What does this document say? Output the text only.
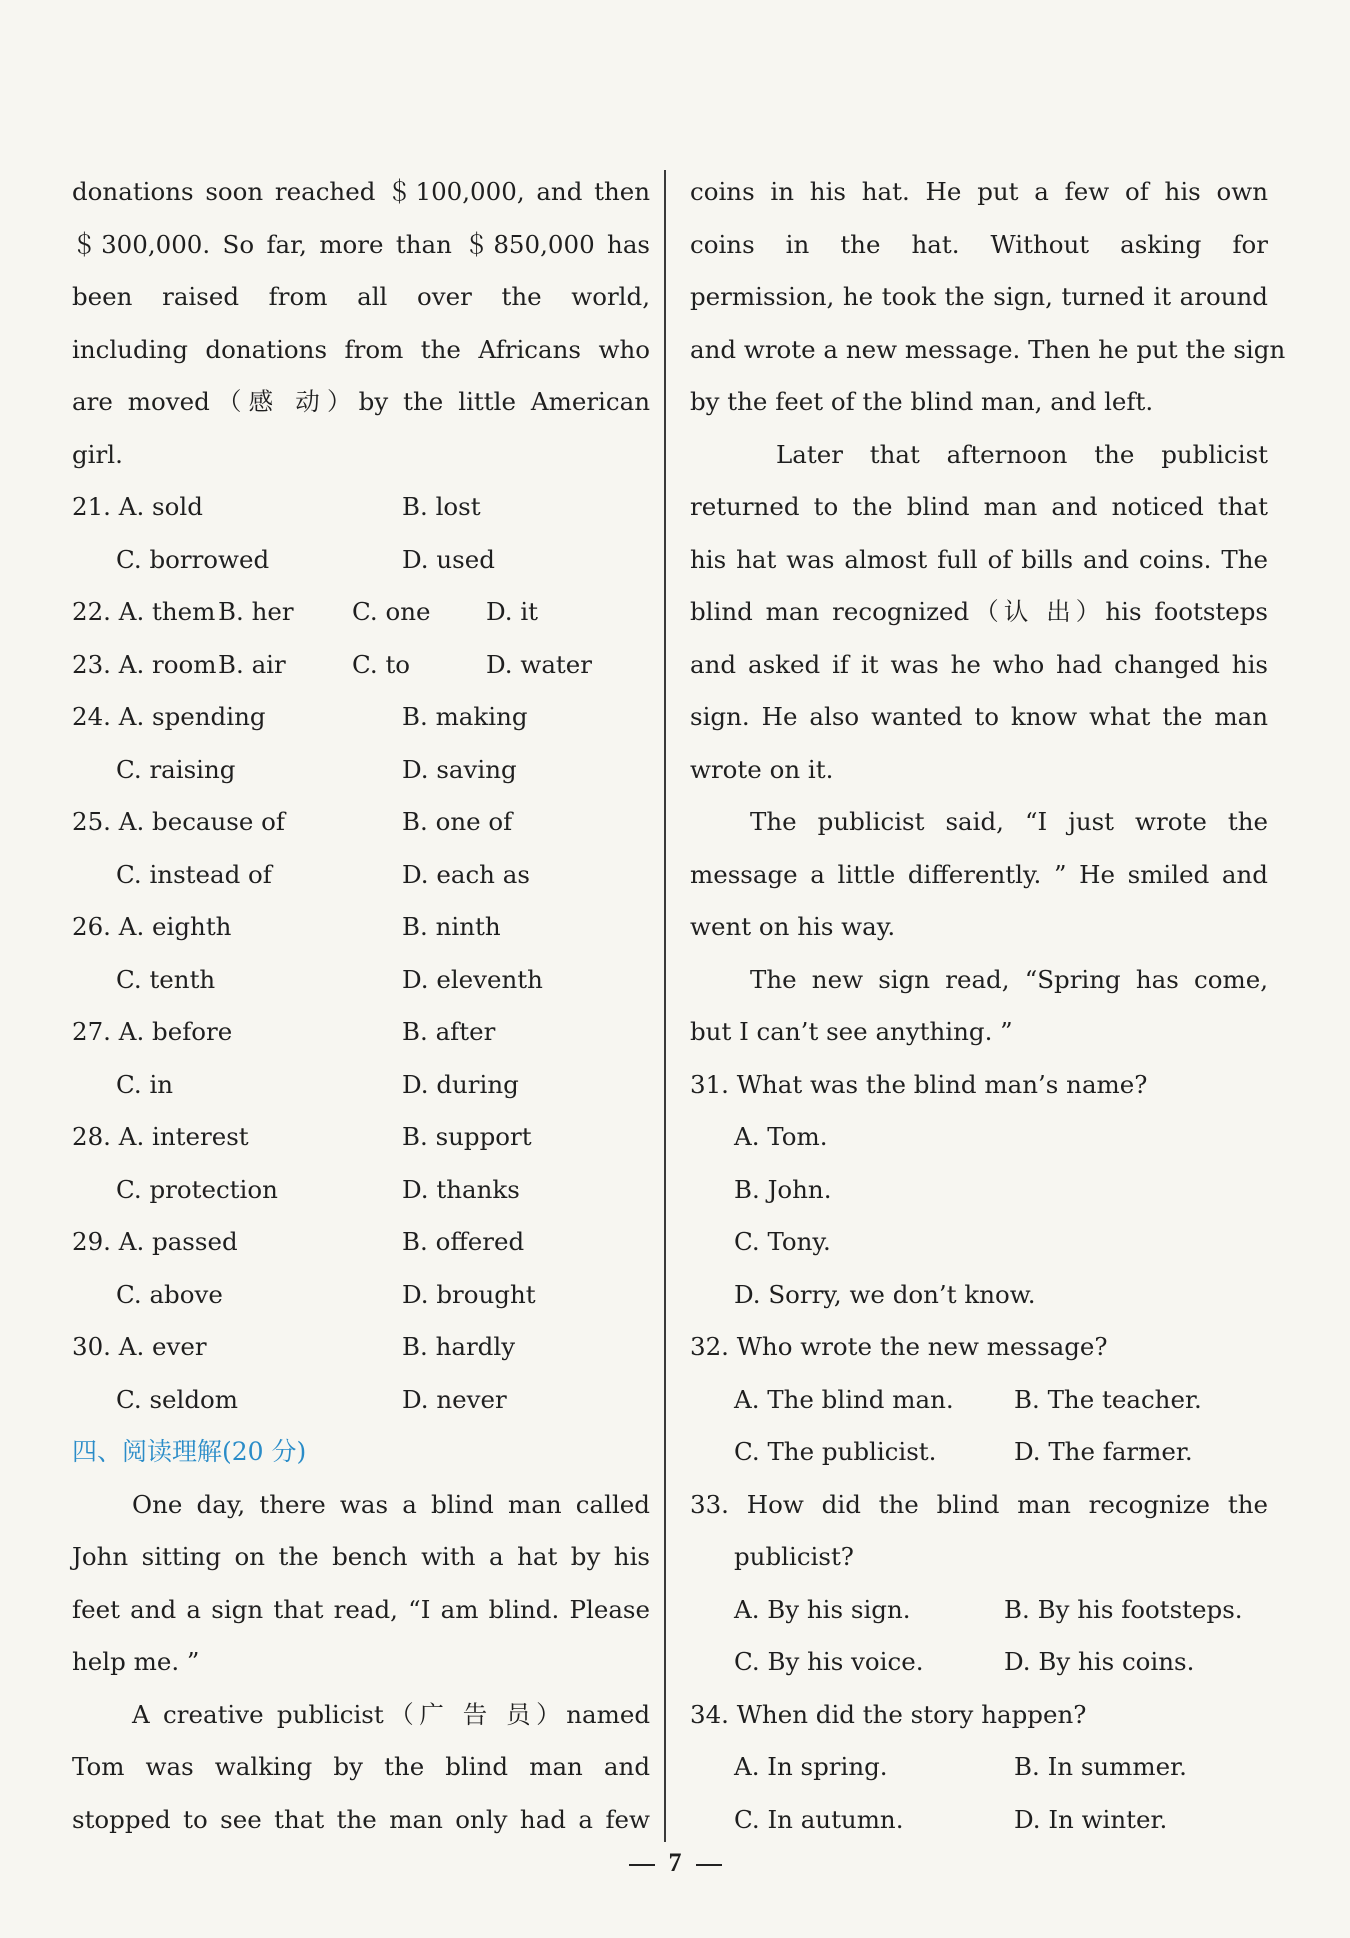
donations soon reached ＄100,000, and then
＄300,000. So far, more than ＄850,000 has
been raised from all over the world,
including donations from the Africans who
are moved（感 动）by the little American
girl.
21. A. sold	B. lost
C. borrowed	D. used
22. A. them B. her C. one D. it
23. A. roomB. air	C. to	D. water
24. A. spending	B. making
C. raising	D. saving
25. A. because of	B. one of
C. instead of	D. each as
26. A. eighth	B. ninth
C. tenth	D. eleventh
27. A. before	B. after
C. in	D. during
28. A. interest	B. support
C. protection	D. thanks
29. A. passed	B. offered
C. above	D. brought
30. A. ever	B. hardly
C. seldom	D. never
四、阅读理解(20 分)
One day, there was a blind man called
John sitting on the bench with a hat by his
feet and a sign that read, “I am blind. Please
help me. ”
A creative publicist（广 告 员）named
Tom was walking by the blind man and
stopped to see that the man only had a few
coins in his hat. He put a few of his own
coins in the hat. Without asking for
permission, he took the sign, turned it around
and wrote a new message. Then he put the sign
by the feet of the blind man, and left.
Later that afternoon the publicist
returned to the blind man and noticed that
his hat was almost full of bills and coins. The
blind man recognized（认 出）his footsteps
and asked if it was he who had changed his
sign. He also wanted to know what the man
wrote on it.
The publicist said, “I just wrote the
message a little differently. ” He smiled and
went on his way.
The new sign read, “Spring has come,
but I can’t see anything. ”
31. What was the blind man’s name?
A. Tom.
B. John.
C. Tony.
D. Sorry, we don’t know.
32. Who wrote the new message?
A. The blind man. B. The teacher.
C. The publicist.	D. The farmer.
33. How did the blind man recognize the
publicist?
A. By his sign.	B. By his footsteps.
C. By his voice.	D. By his coins.
34. When did the story happen?
A. In spring.	B. In summer.
C. In autumn.	D. In winter.
7
